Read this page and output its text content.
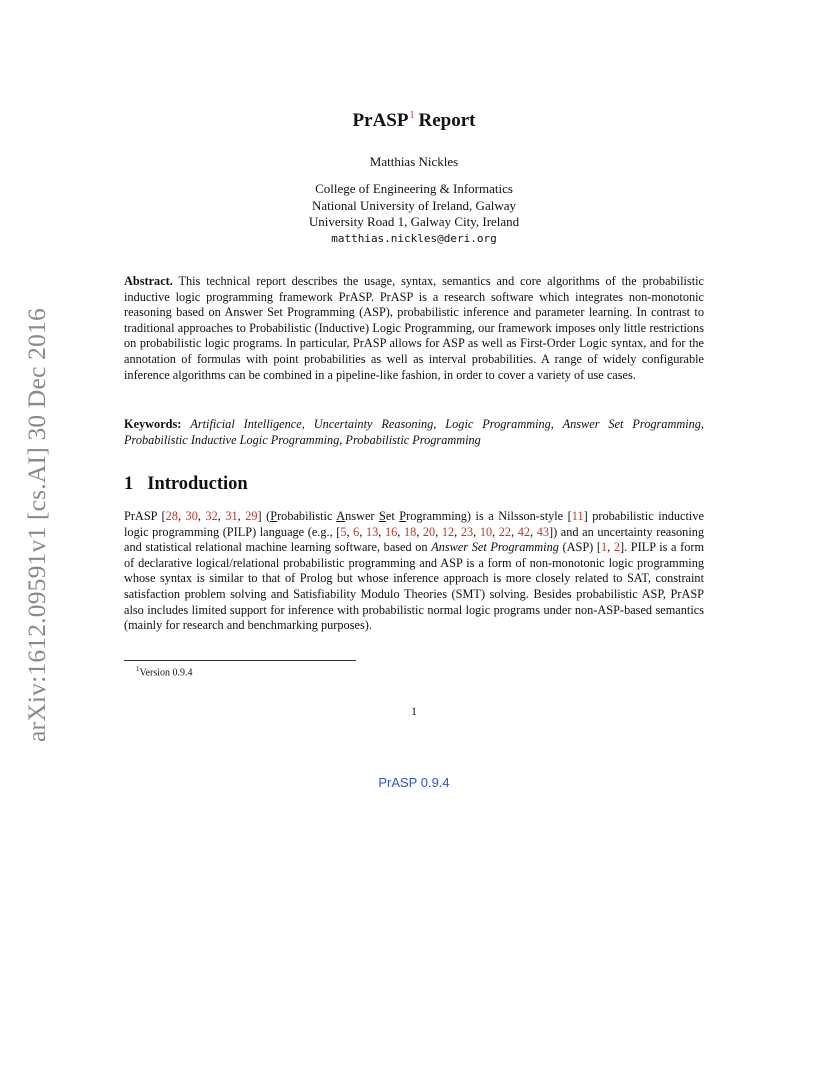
arXiv:1612.09591v1 [cs.AI] 30 Dec 2016
PrASP$^1$ Report
Matthias Nickles
College of Engineering & Informatics
National University of Ireland, Galway
University Road 1, Galway City, Ireland
matthias.nickles@deri.org
Abstract. This technical report describes the usage, syntax, semantics and core algorithms of the probabilistic inductive logic programming framework PrASP. PrASP is a research software which integrates non-monotonic reasoning based on Answer Set Programming (ASP), probabilistic inference and parameter learning. In contrast to traditional approaches to Probabilistic (Inductive) Logic Programming, our framework imposes only little restrictions on probabilistic logic programs. In particular, PrASP allows for ASP as well as First-Order Logic syntax, and for the annotation of formulas with point probabilities as well as interval probabilities. A range of widely configurable inference algorithms can be combined in a pipeline-like fashion, in order to cover a variety of use cases.
Keywords: Artificial Intelligence, Uncertainty Reasoning, Logic Programming, Answer Set Programming, Probabilistic Inductive Logic Programming, Probabilistic Programming
1 Introduction
PrASP [28, 30, 32, 31, 29] (Probabilistic Answer Set Programming) is a Nilsson-style [11] probabilistic inductive logic programming (PILP) language (e.g., [5, 6, 13, 16, 18, 20, 12, 23, 10, 22, 42, 43]) and an uncertainty reasoning and statistical relational machine learning software, based on Answer Set Programming (ASP) [1, 2]. PILP is a form of declarative logical/relational probabilistic programming and ASP is a form of non-monotonic logic programming whose syntax is similar to that of Prolog but whose inference approach is more closely related to SAT, constraint satisfaction problem solving and Satisfiability Modulo Theories (SMT) solving. Besides probabilistic ASP, PrASP also includes limited support for inference with probabilistic normal logic programs under non-ASP-based semantics (mainly for research and benchmarking purposes).
$^1$Version 0.9.4
1
PrASP 0.9.4
